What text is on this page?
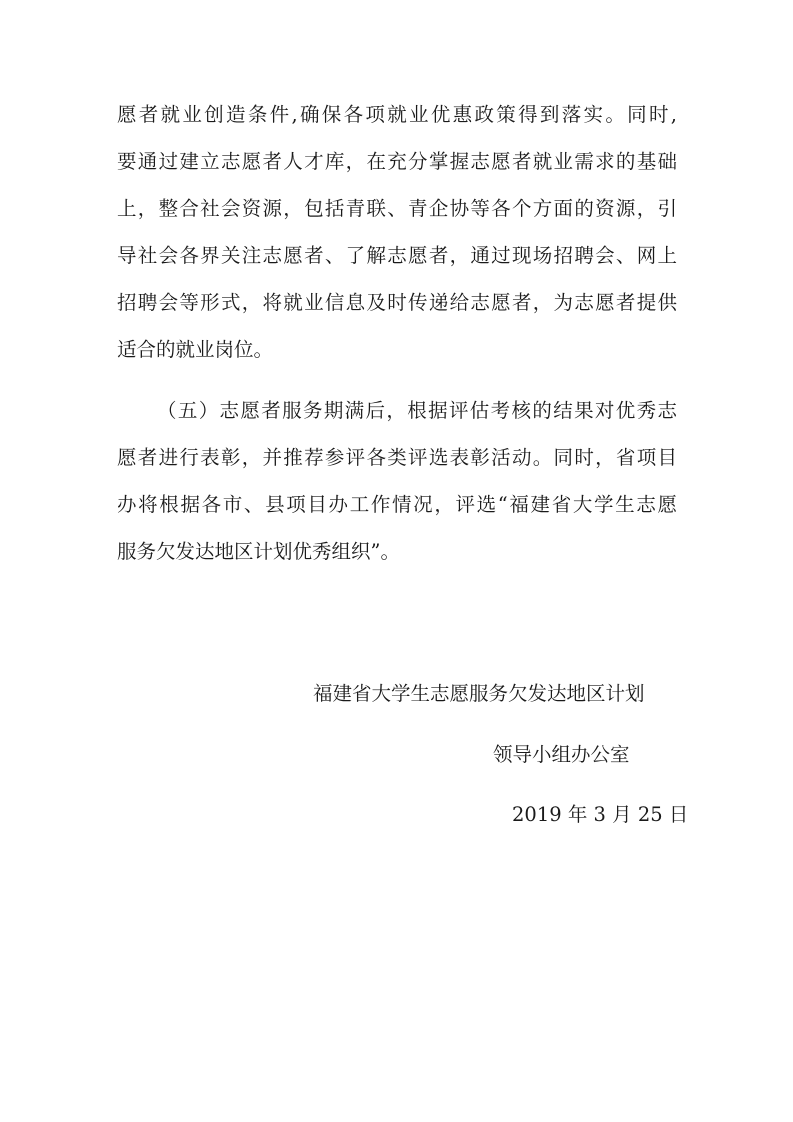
愿者就业创造条件,确保各项就业优惠政策得到落实。同时,
要通过建立志愿者人才库，在充分掌握志愿者就业需求的基础
上，整合社会资源，包括青联、青企协等各个方面的资源，引
导社会各界关注志愿者、了解志愿者，通过现场招聘会、网上
招聘会等形式，将就业信息及时传递给志愿者，为志愿者提供
适合的就业岗位。
（五）志愿者服务期满后，根据评估考核的结果对优秀志
愿者进行表彰，并推荐参评各类评选表彰活动。同时，省项目
办将根据各市、县项目办工作情况，评选“福建省大学生志愿
服务欠发达地区计划优秀组织”。
福建省大学生志愿服务欠发达地区计划
领导小组办公室
2019 年 3 月 25 日
